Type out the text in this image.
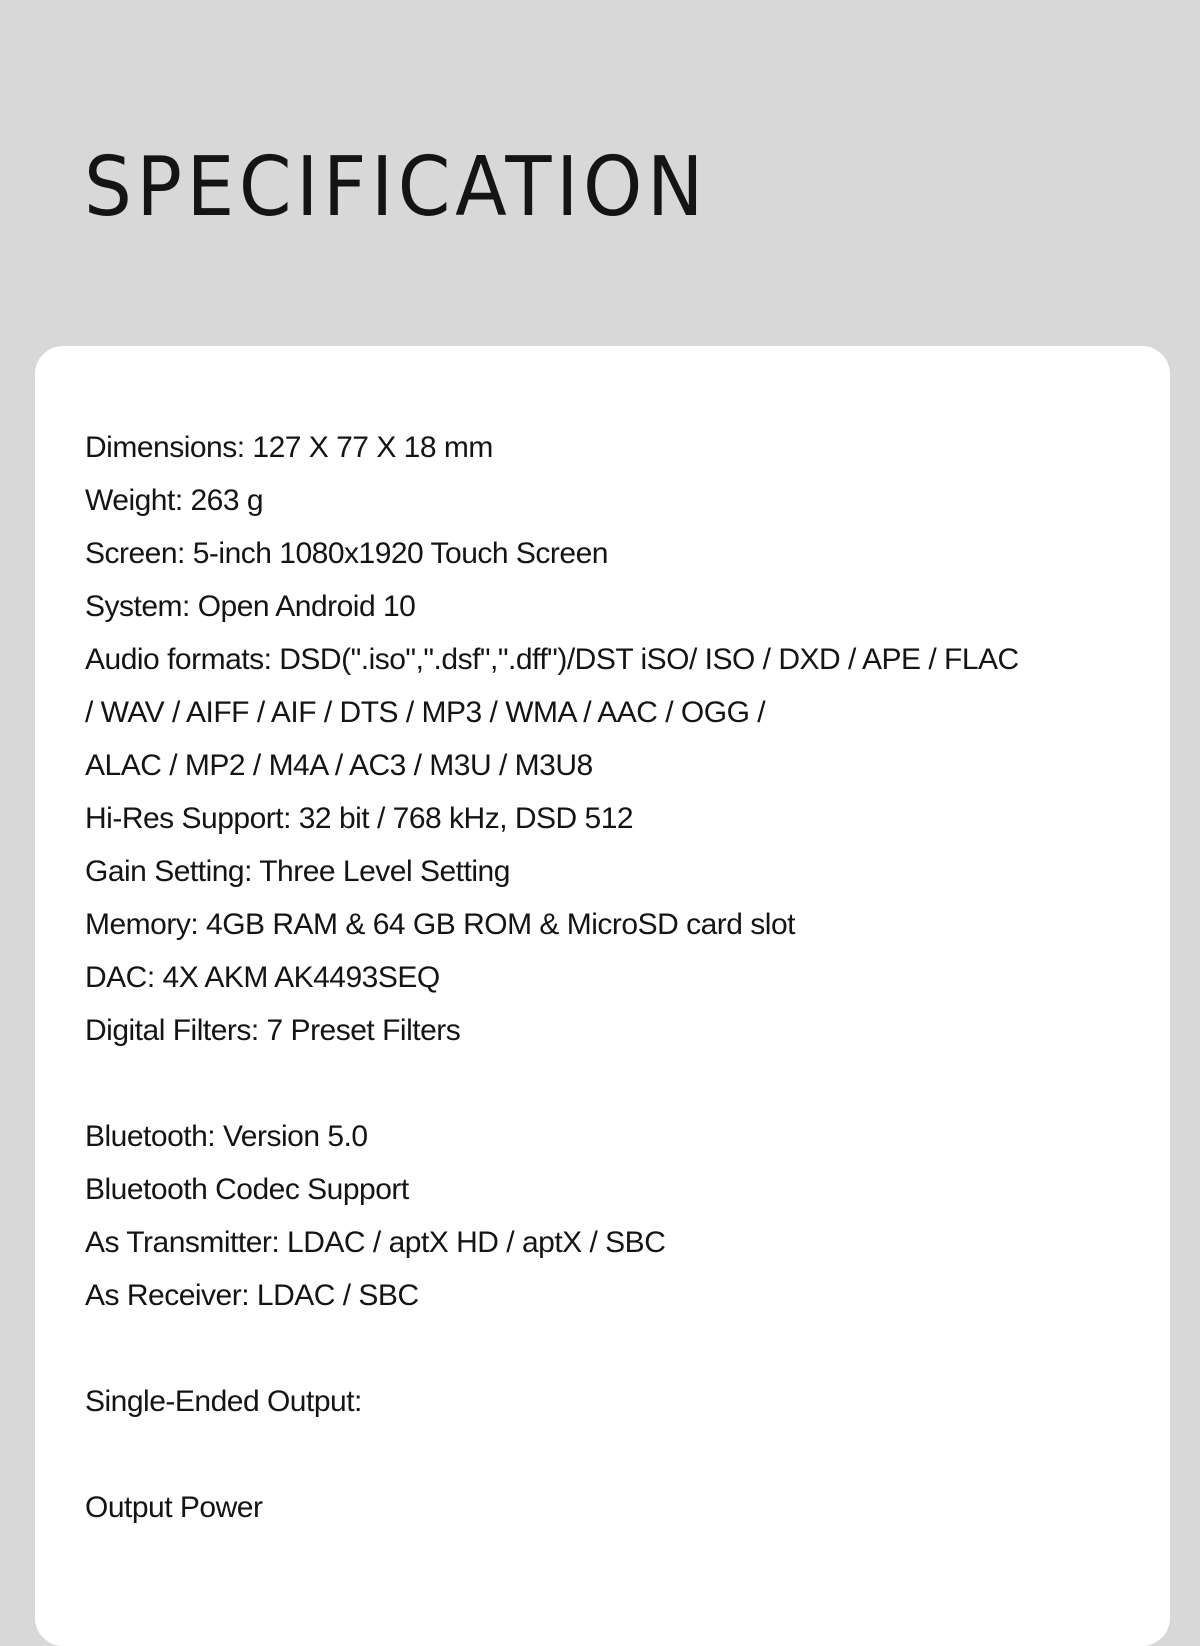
SPECIFICATION
Dimensions: 127 X 77 X 18 mm
Weight: 263 g
Screen: 5-inch 1080x1920 Touch Screen
System: Open Android 10
Audio formats: DSD(".iso",".dsf",".dff")/DST iSO/ ISO / DXD / APE / FLAC
/ WAV / AIFF / AIF / DTS / MP3 / WMA / AAC / OGG /
ALAC / MP2 / M4A / AC3 / M3U / M3U8
Hi-Res Support: 32 bit / 768 kHz, DSD 512
Gain Setting: Three Level Setting
Memory: 4GB RAM & 64 GB ROM & MicroSD card slot
DAC: 4X AKM AK4493SEQ
Digital Filters: 7 Preset Filters
Bluetooth: Version 5.0
Bluetooth Codec Support
As Transmitter: LDAC / aptX HD / aptX / SBC
As Receiver: LDAC / SBC
Single-Ended Output:
Output Power
